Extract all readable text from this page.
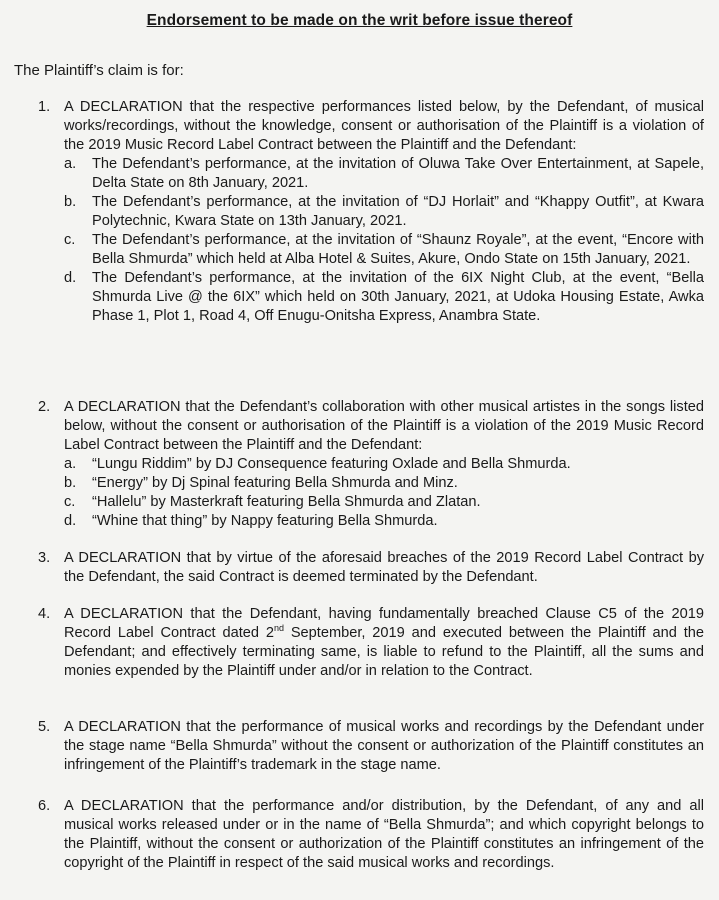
Endorsement to be made on the writ before issue thereof
The Plaintiff’s claim is for:
1. A DECLARATION that the respective performances listed below, by the Defendant, of musical works/recordings, without the knowledge, consent or authorisation of the Plaintiff is a violation of the 2019 Music Record Label Contract between the Plaintiff and the Defendant:
a. The Defendant’s performance, at the invitation of Oluwa Take Over Entertainment, at Sapele, Delta State on 8th January, 2021.
b. The Defendant’s performance, at the invitation of “DJ Horlait” and “Khappy Outfit”, at Kwara Polytechnic, Kwara State on 13th January, 2021.
c. The Defendant’s performance, at the invitation of “Shaunz Royale”, at the event, “Encore with Bella Shmurda” which held at Alba Hotel & Suites, Akure, Ondo State on 15th January, 2021.
d. The Defendant’s performance, at the invitation of the 6IX Night Club, at the event, “Bella Shmurda Live @ the 6IX” which held on 30th January, 2021, at Udoka Housing Estate, Awka Phase 1, Plot 1, Road 4, Off Enugu-Onitsha Express, Anambra State.
2. A DECLARATION that the Defendant’s collaboration with other musical artistes in the songs listed below, without the consent or authorisation of the Plaintiff is a violation of the 2019 Music Record Label Contract between the Plaintiff and the Defendant:
a. “Lungu Riddim” by DJ Consequence featuring Oxlade and Bella Shmurda.
b. “Energy” by Dj Spinal featuring Bella Shmurda and Minz.
c. “Hallelu” by Masterkraft featuring Bella Shmurda and Zlatan.
d. “Whine that thing” by Nappy featuring Bella Shmurda.
3. A DECLARATION that by virtue of the aforesaid breaches of the 2019 Record Label Contract by the Defendant, the said Contract is deemed terminated by the Defendant.
4. A DECLARATION that the Defendant, having fundamentally breached Clause C5 of the 2019 Record Label Contract dated 2nd September, 2019 and executed between the Plaintiff and the Defendant; and effectively terminating same, is liable to refund to the Plaintiff, all the sums and monies expended by the Plaintiff under and/or in relation to the Contract.
5. A DECLARATION that the performance of musical works and recordings by the Defendant under the stage name “Bella Shmurda” without the consent or authorization of the Plaintiff constitutes an infringement of the Plaintiff’s trademark in the stage name.
6. A DECLARATION that the performance and/or distribution, by the Defendant, of any and all musical works released under or in the name of “Bella Shmurda”; and which copyright belongs to the Plaintiff, without the consent or authorization of the Plaintiff constitutes an infringement of the copyright of the Plaintiff in respect of the said musical works and recordings.
